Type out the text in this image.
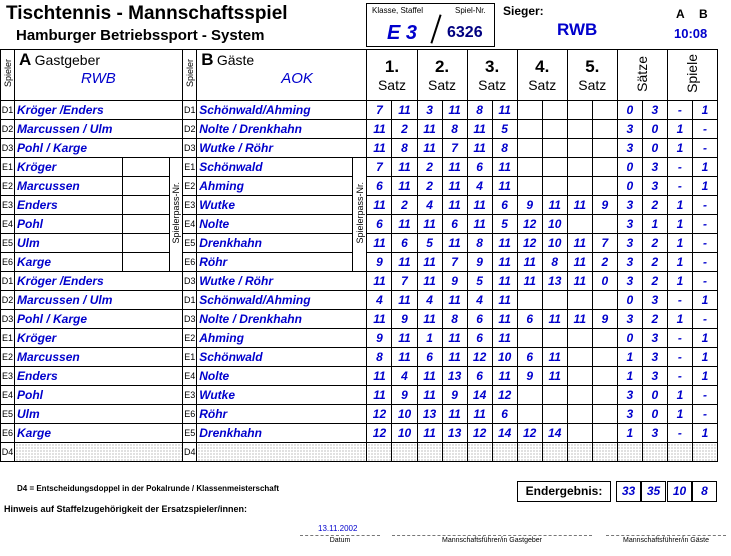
Tischtennis - Mannschaftsspiel
Hamburger Betriebssport - System
Klasse, Staffel	Spiel-Nr.
E 3 6326
Sieger:
RWB
A B
10:08
Spieler	A Gastgeber
RWB			Spieler	B Gäste
AOK		1.
Satz		2.
Satz		3.
Satz		4.
Satz		5.
Satz		Sätze		Spiele	
D1	Kröger /Enders			D1	Schönwald/Ahming		7	11	3	11	8	11					0	3	-	1
D2	Marcussen / Ulm			D2	Nolte / Drenkhahn		11	2	11	8	11	5					3	0	1	-
D3	Pohl / Karge			D3	Wutke / Röhr		11	8	11	7	11	8					3	0	1	-
E1	Kröger		Spielerpass-Nr.	E1	Schönwald	Spielerpass-Nr.	7	11	2	11	6	11					0	3	-	1
E2	Marcussen			E2	Ahming		6	11	2	11	4	11					0	3	-	1
E3	Enders			E3	Wutke		11	2	4	11	11	6	9	11	11	9	3	2	1	-
E4	Pohl			E4	Nolte		6	11	11	6	11	5	12	10			3	1	1	-
E5	Ulm			E5	Drenkhahn		11	6	5	11	8	11	12	10	11	7	3	2	1	-
E6	Karge			E6	Röhr		9	11	11	7	9	11	11	8	11	2	3	2	1	-
D1	Kröger /Enders			D3	Wutke / Röhr		11	7	11	9	5	11	11	13	11	0	3	2	1	-
D2	Marcussen / Ulm			D1	Schönwald/Ahming		4	11	4	11	4	11					0	3	-	1
D3	Pohl / Karge			D3	Nolte / Drenkhahn		11	9	11	8	6	11	6	11	11	9	3	2	1	-
E1	Kröger			E2	Ahming		9	11	1	11	6	11					0	3	-	1
E2	Marcussen			E1	Schönwald		8	11	6	11	12	10	6	11			1	3	-	1
E3	Enders			E4	Nolte		11	4	11	13	6	11	9	11			1	3	-	1
E4	Pohl			E3	Wutke		11	9	11	9	14	12					3	0	1	-
E5	Ulm			E6	Röhr		12	10	13	11	11	6					3	0	1	-
E6	Karge			E5	Drenkhahn		12	10	11	13	12	14	12	14			1	3	-	1
D4				D4																
D4 = Entscheidungsdoppel in der Pokalrunde / Klassenmeisterschaft	Endergebnis:	33 35	10	8
Hinweis auf Staffelzugehörigkeit der Ersatzspieler/innen:
13.11.2002
Datum	Mannschaftsführer/in Gastgeber	Mannschaftsführer/in Gäste
